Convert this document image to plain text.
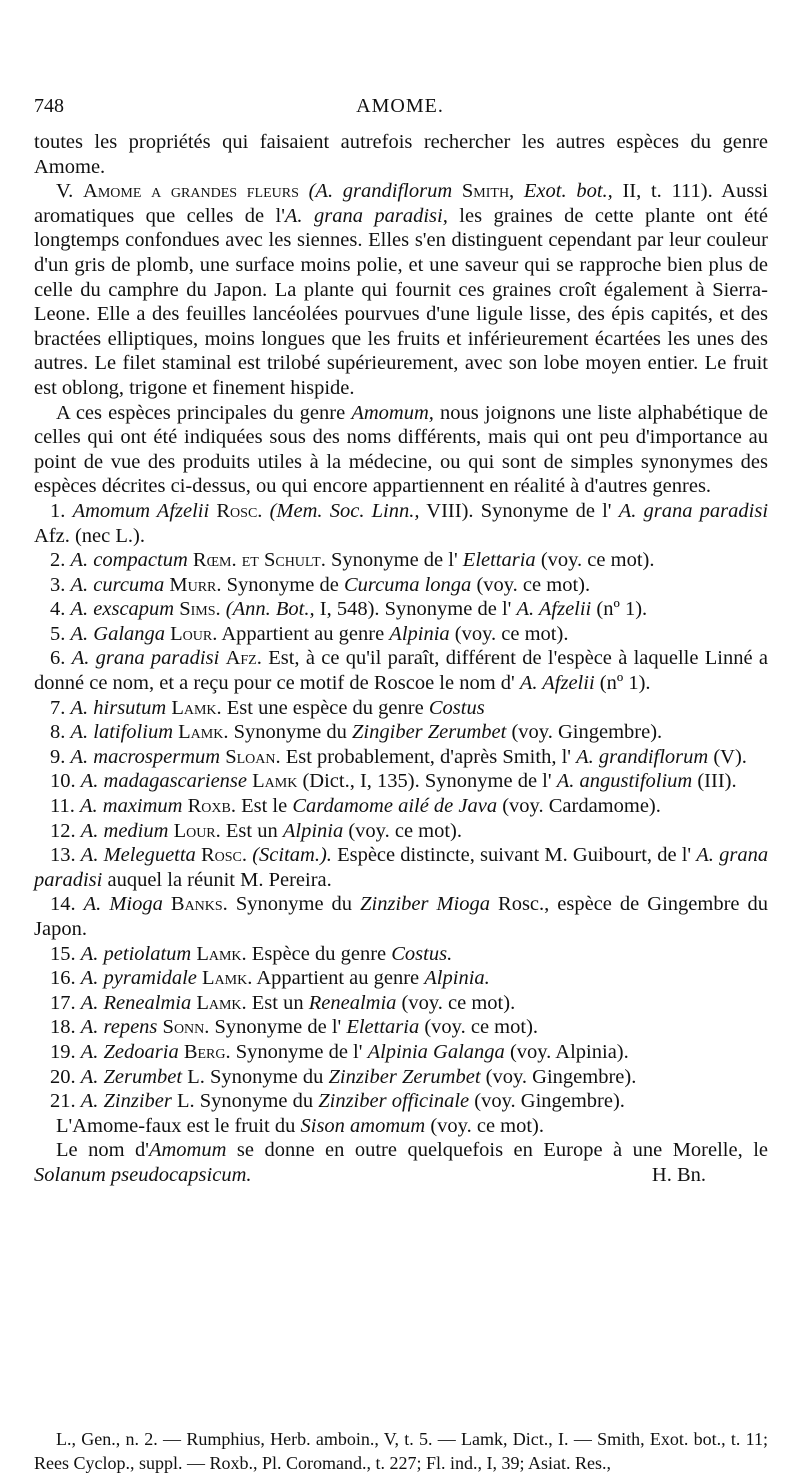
748	AMOME.

toutes les propriétés qui faisaient autrefois rechercher les autres espèces du genre Amome.

V. Amome a grandes fleurs (A. grandiflorum Smith, Exot. bot., II, t. 111). Aussi aromatiques que celles de l'A. grana paradisi, les graines de cette plante ont été longtemps confondues avec les siennes. Elles s'en distinguent cependant par leur couleur d'un gris de plomb, une surface moins polie, et une saveur qui se rapproche bien plus de celle du camphre du Japon. La plante qui fournit ces graines croît également à Sierra-Leone. Elle a des feuilles lancéolées pourvues d'une ligule lisse, des épis capités, et des bractées elliptiques, moins longues que les fruits et inférieurement écartées les unes des autres. Le filet staminal est trilobé supérieurement, avec son lobe moyen entier. Le fruit est oblong, trigone et finement hispide.

A ces espèces principales du genre Amomum, nous joignons une liste alphabétique de celles qui ont été indiquées sous des noms différents, mais qui ont peu d'importance au point de vue des produits utiles à la médecine, ou qui sont de simples synonymes des espèces décrites ci-dessus, ou qui encore appartiennent en réalité à d'autres genres.

1. Amomum Afzelii Rosc. (Mem. Soc. Linn., VIII). Synonyme de l' A. grana paradisi Afz. (nec L.).

2. A. compactum Rœm. et Schult. Synonyme de l' Elettaria (voy. ce mot).

3. A. curcuma Murr. Synonyme de Curcuma longa (voy. ce mot).

4. A. exscapum Sims. (Ann. Bot., I, 548). Synonyme de l' A. Afzelii (nº 1).

5. A. Galanga Lour. Appartient au genre Alpinia (voy. ce mot).

6. A. grana paradisi Afz. Est, à ce qu'il paraît, différent de l'espèce à laquelle Linné a donné ce nom, et a reçu pour ce motif de Roscoe le nom d' A. Afzelii (nº 1).

7. A. hirsutum Lamk. Est une espèce du genre Costus

8. A. latifolium Lamk. Synonyme du Zingiber Zerumbet (voy. Gingembre).

9. A. macrospermum Sloan. Est probablement, d'après Smith, l' A. grandiflorum (V).

10. A. madagascariense Lamk (Dict., I, 135). Synonyme de l' A. angustifolium (III).

11. A. maximum Roxb. Est le Cardamome ailé de Java (voy. Cardamome).

12. A. medium Lour. Est un Alpinia (voy. ce mot).

13. A. Meleguetta Rosc. (Scitam.). Espèce distincte, suivant M. Guibourt, de l' A. grana paradisi auquel la réunit M. Pereira.

14. A. Mioga Banks. Synonyme du Zinziber Mioga Rosc., espèce de Gingembre du Japon.

15. A. petiolatum Lamk. Espèce du genre Costus.

16. A. pyramidale Lamk. Appartient au genre Alpinia.

17. A. Renealmia Lamk. Est un Renealmia (voy. ce mot).

18. A. repens Sonn. Synonyme de l' Elettaria (voy. ce mot).

19. A. Zedoaria Berg. Synonyme de l' Alpinia Galanga (voy. Alpinia).

20. A. Zerumbet L. Synonyme du Zinziber Zerumbet (voy. Gingembre).

21. A. Zinziber L. Synonyme du Zinziber officinale (voy. Gingembre).

L'Amome-faux est le fruit du Sison amomum (voy. ce mot).

Le nom d'Amomum se donne en outre quelquefois en Europe à une Morelle, le Solanum pseudocapsicum.	H. Bn.

L., Gen., n. 2. — Rumphius, Herb. amboin., V, t. 5. — Lamk, Dict., I. — Smith, Exot. bot., t. 11; Rees Cyclop., suppl. — Roxb., Pl. Coromand., t. 227; Fl. ind., I, 39; Asiat. Res.,
